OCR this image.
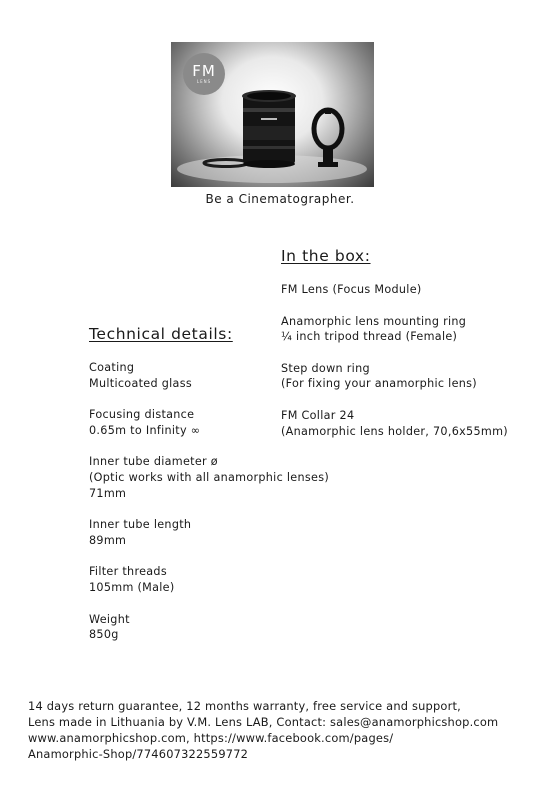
FM
LENS
Be a Cinematographer.
In the box:
FM Lens (Focus Module)
Anamorphic lens mounting ring
¼ inch tripod thread (Female)
Step down ring
(For fixing your anamorphic lens)
FM Collar 24
(Anamorphic lens holder, 70,6x55mm)
Technical details:
Coating
Multicoated glass
Focusing distance
0.65m to Infinity ∞
Inner tube diameter ø
(Optic works with all anamorphic lenses)
71mm
Inner tube length
89mm
Filter threads
105mm (Male)
Weight
850g
14 days return guarantee, 12 months warranty, free service and support,
Lens made in Lithuania by V.M. Lens LAB, Contact: sales@anamorphicshop.com
www.anamorphicshop.com, https://www.facebook.com/pages/
Anamorphic-Shop/774607322559772
